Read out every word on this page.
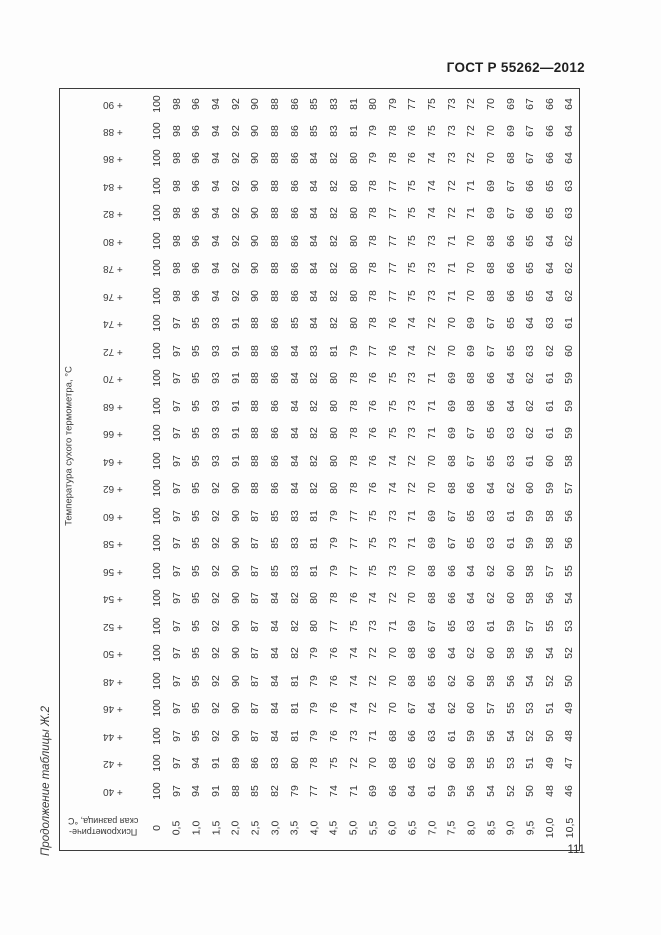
ГОСТ Р 55262—2012
Продолжение таблицы Ж.2
Температура сухого термометра, °С	+ 90	100	98	96	94	92	90	88	86	85	83	81	80	79	77	75	73	72	70	69	67	66	64
	+ 88	100	98	96	94	92	90	88	86	85	83	81	79	78	76	75	73	72	70	69	67	66	64
	+ 86	100	98	96	94	92	90	88	86	84	82	80	79	78	76	74	73	72	70	68	67	66	64
	+ 84	100	98	96	94	92	90	88	86	84	82	80	78	77	75	74	72	71	69	67	66	65	63
	+ 82	100	98	96	94	92	90	88	86	84	82	80	78	77	75	74	72	71	69	67	66	65	63
	+ 80	100	98	96	94	92	90	88	86	84	82	80	78	77	75	73	71	70	68	66	65	64	62
	+ 78	100	98	96	94	92	90	88	86	84	82	80	78	77	75	73	71	70	68	66	65	64	62
	+ 76	100	98	96	94	92	90	88	86	84	82	80	78	77	75	73	71	70	68	66	65	64	62
	+ 74	100	97	95	93	91	88	86	85	84	82	80	78	76	74	72	70	69	67	65	64	63	61
	+ 72	100	97	95	93	91	88	86	84	83	81	79	77	76	74	72	70	69	67	65	63	62	60
	+ 70	100	97	95	93	91	88	86	84	82	80	78	76	75	73	71	69	68	66	64	62	61	59
	+ 68	100	97	95	93	91	88	86	84	82	80	78	76	75	73	71	69	68	66	64	62	61	59
	+ 66	100	97	95	93	91	88	86	84	82	80	78	76	75	73	71	69	67	65	63	62	61	59
	+ 64	100	97	95	93	91	88	86	84	82	80	78	76	74	72	70	68	67	65	63	61	60	58
	+ 62	100	97	95	92	90	88	86	84	82	80	78	76	74	72	70	68	66	64	62	60	59	57
	+ 60	100	97	95	92	90	87	85	83	81	79	77	75	73	71	69	67	65	63	61	59	58	56
	+ 58	100	97	95	92	90	87	85	83	81	79	77	75	73	71	69	67	65	63	61	59	58	56
	+ 56	100	97	95	92	90	87	85	83	81	79	77	75	73	70	68	66	64	62	60	58	57	55
	+ 54	100	97	95	92	90	87	84	82	80	78	76	74	72	70	68	66	64	62	60	58	56	54
	+ 52	100	97	95	92	90	87	84	82	80	77	75	73	71	69	67	65	63	61	59	57	55	53
	+ 50	100	97	95	92	90	87	84	82	79	76	74	72	70	68	66	64	62	60	58	56	54	52
	+ 48	100	97	95	92	90	87	84	81	79	76	74	72	70	68	65	62	60	58	56	54	52	50
	+ 46	100	97	95	92	90	87	84	81	79	76	74	72	70	67	64	62	60	57	55	53	51	49
	+ 44	100	97	95	92	90	87	84	81	79	76	73	71	68	66	63	61	59	56	54	52	50	48
	+ 42	100	97	94	91	89	86	83	80	78	75	72	70	68	65	62	60	58	55	53	51	49	47
	+ 40	100	97	94	91	88	85	82	79	77	74	71	69	66	64	61	59	56	54	52	50	48	46

Психрометриче-
ская разница, °С		0	0,5	1,0	1,5	2,0	2,5	3,0	3,5	4,0	4,5	5,0	5,5	6,0	6,5	7,0	7,5	8,0	8,5	9,0	9,5	10,0	10,5
111
